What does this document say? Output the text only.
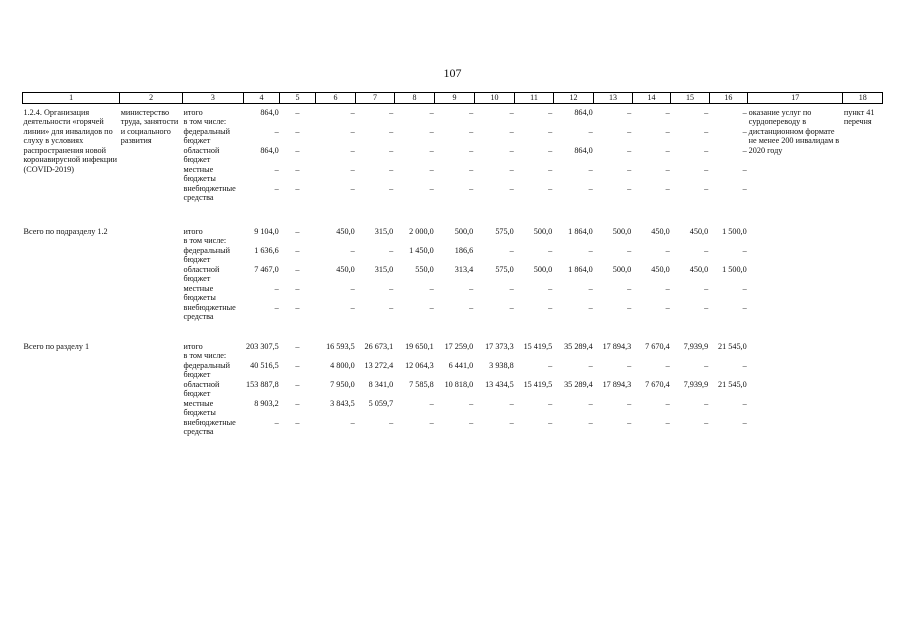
107
1	2	3	4	5	6	7	8	9	10	11	12	13	14	15	16	17	18
1.2.4. Организация деятельности «горячей линии» для инвалидов по слуху в условиях распространения новой коронавирусной инфекции (COVID-2019)	министерство труда, занятости и социального развития	итого	864,0	–	–	–	–	–	–	–	864,0	–	–	–	–	оказание услуг по сурдопереводу в дистанционном формате не менее 200 инвалидам в 2020 году	пункт 41 перечня
		в том числе:															
		федеральный бюджет	–	–	–	–	–	–	–	–	–	–	–	–	–		
		областной бюджет	864,0	–	–	–	–	–	–	–	864,0	–	–	–	–		
		местные бюджеты	–	–	–	–	–	–	–	–	–	–	–	–	–		
		внебюджетные средства	–	–	–	–	–	–	–	–	–	–	–	–	–		

Всего по подразделу 1.2		итого	9 104,0	–	450,0	315,0	2 000,0	500,0	575,0	500,0	1 864,0	500,0	450,0	450,0	1 500,0		
		в том числе:															
		федеральный бюджет	1 636,6	–	–	–	1 450,0	186,6	–	–	–	–	–	–	–		
		областной бюджет	7 467,0	–	450,0	315,0	550,0	313,4	575,0	500,0	1 864,0	500,0	450,0	450,0	1 500,0		
		местные бюджеты	–	–	–	–	–	–	–	–	–	–	–	–	–		
		внебюджетные средства	–	–	–	–	–	–	–	–	–	–	–	–	–		

Всего по разделу 1		итого	203 307,5	–	16 593,5	26 673,1	19 650,1	17 259,0	17 373,3	15 419,5	35 289,4	17 894,3	7 670,4	7,939,9	21 545,0		
		в том числе:															
		федеральный бюджет	40 516,5	–	4 800,0	13 272,4	12 064,3	6 441,0	3 938,8	–	–	–	–	–	–		
		областной бюджет	153 887,8	–	7 950,0	8 341,0	7 585,8	10 818,0	13 434,5	15 419,5	35 289,4	17 894,3	7 670,4	7,939,9	21 545,0		
		местные бюджеты	8 903,2	–	3 843,5	5 059,7	–	–	–	–	–	–	–	–	–		
		внебюджетные средства	–	–	–	–	–	–	–	–	–	–	–	–	–		
